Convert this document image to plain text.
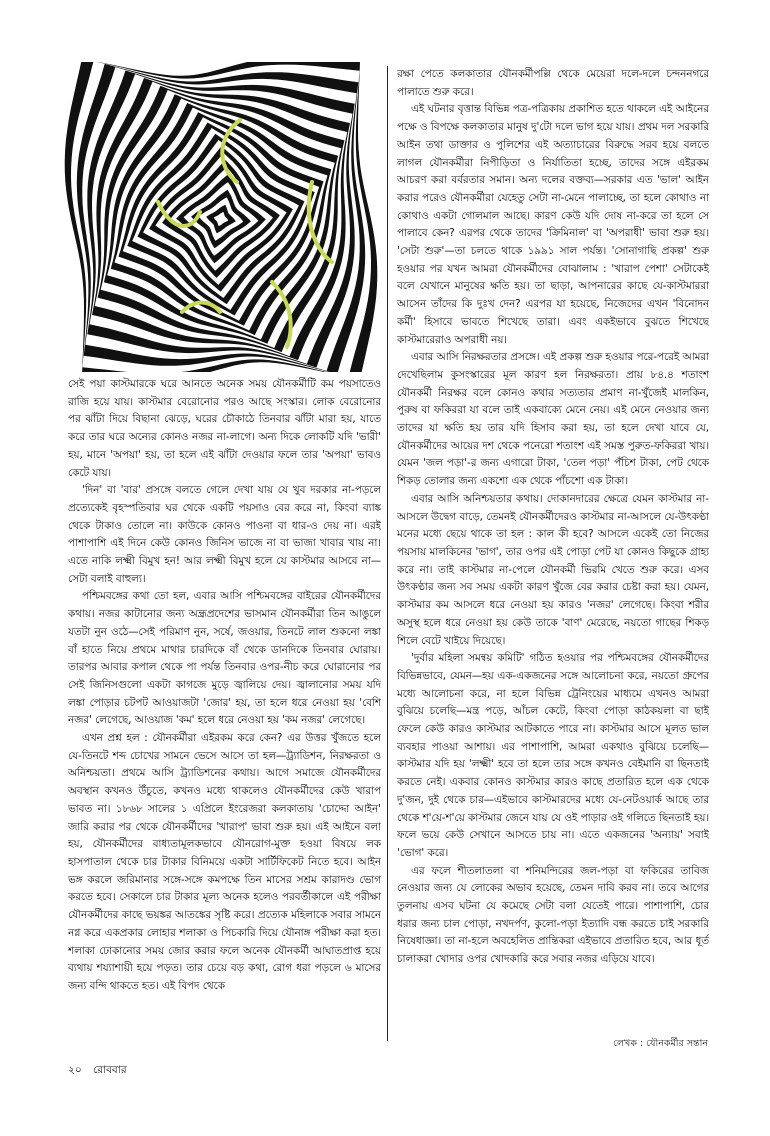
সেই পয়া কাস্টমারকে ঘরে আনতে অনেক সময় যৌনকর্মীটি কম পয়সাতেও রাজি হয়ে যায়। কাস্টমার বেরোনোর পরও আছে সংস্কার। লোক বেরোনোর পর ঝাঁটা দিয়ে বিছানা ঝেড়ে, ঘরের চৌকাঠে তিনবার ঝাঁটা মারা হয়, যাতে করে তার ঘরে অন্যের কোনও নজর না-লাগে। অন্য দিকে লোকটি যদি 'ভারী' হয়, মানে 'অপয়া' হয়, তা হলে এই ঝাঁটা দেওয়ার ফলে তার 'অপয়া' ভাবও কেটে যায়।

'দিন' বা 'বার' প্রসঙ্গে বলতে গেলে দেখা যায় যে খুব দরকার না-পড়লে প্রত্যেকেই বৃহস্পতিবার ঘর থেকে একটি পয়সাও বের করে না, কিংবা ব্যাঙ্ক থেকে টাকাও তোলে না। কাউকে কোনও পাওনা বা ধার-ও দেয় না। এরই পাশাপাশি এই দিনে কেউ কোনও জিনিস ভাজে না বা ভাজা খাবার খায় না। এতে নাকি লক্ষ্মী বিমুখ হন! আর লক্ষ্মী বিমুখ হলে যে কাস্টমার আসবে না—সেটা বলাই বাহুল্য।

পশ্চিমবঙ্গের কথা তো হল, এবার আসি পশ্চিমবঙ্গের বাইরের যৌনকর্মীদের কথায়। নজর কাটানোর জন্য অন্ধ্রপ্রদেশের ভাসমান যৌনকর্মীরা তিন আঙুলে যতটা নুন ওঠে—সেই পরিমাণ নুন, সর্ষে, জওয়ার, তিনটে লাল শুকনো লঙ্কা বাঁ হাতে নিয়ে প্রথমে মাথার চারদিকে বাঁ থেকে ডানদিকে তিনবার ঘোরায়। তারপর আবার কপাল থেকে পা পর্যন্ত তিনবার ওপর-নীচ করে ঘোরানোর পর সেই জিনিসগুলো একটা কাগজে মুড়ে জ্বালিয়ে দেয়। জ্বালানোর সময় যদি লঙ্কা পোড়ার চটপট আওয়াজটা 'জোর' হয়, তা হলে ধরে নেওয়া হয় 'বেশি নজর' লেগেছে, আওয়াজ 'কম' হলে ধরে নেওয়া হয় 'কম নজর' লেগেছে।

এখন প্রশ্ন হল : যৌনকর্মীরা এইরকম করে কেন? এর উত্তর খুঁজতে হলে যে-তিনটে শব্দ চোখের সামনে ভেসে আসে তা হল—ট্র্যাডিশন, নিরক্ষরতা ও অনিশ্চয়তা। প্রথমে আসি ট্র্যাডিশনের কথায়। আগে সমাজে যৌনকর্মীদের অবস্থান কখনও উঁচুতে, কখনও মধ্যে থাকলেও যৌনকর্মীদের কেউ খারাপ ভাবত না। ১৮৬৮ সালের ১ এপ্রিলে ইংরেজরা কলকাতায় 'চোদ্দো আইন' জারি করার পর থেকে যৌনকর্মীদের 'খারাপ' ভাবা শুরু হয়। এই আইনে বলা হয়, যৌনকর্মীদের বাধ্যতামূলকভাবে যৌনরোগ-মুক্ত হওয়া বিষয়ে লক হাসপাতাল থেকে চার টাকার বিনিময়ে একটা সার্টিফিকেট নিতে হবে। আইন ভঙ্গ করলে জরিমানার সঙ্গে-সঙ্গে কমপক্ষে তিন মাসের সশ্রম কারাদণ্ড ভোগ করতে হবে। সেকালে চার টাকার মূল্য অনেক হলেও পরবর্তীকালে এই পরীক্ষা যৌনকর্মীদের কাছে ভয়ঙ্কর আতঙ্কের সৃষ্টি করে। প্রত্যেক মহিলাকে সবার সামনে নগ্ন করে একপ্রকার লোহার শলাকা ও পিচকারি দিয়ে যৌনাঙ্গ পরীক্ষা করা হত। শলাকা ঢোকানোর সময় জোর করার ফলে অনেক যৌনকর্মী আঘাতপ্রাপ্ত হয়ে ব্যথায় শয্যাশায়ী হয়ে পড়ত। তার চেয়ে বড় কথা, রোগ ধরা পড়লে ৬ মাসের জন্য বন্দি থাকতে হত। এই বিপদ থেকে

রক্ষা পেতে কলকাতার যৌনকর্মীপল্লি থেকে মেয়েরা দলে-দলে চন্দননগরে পালাতে শুরু করে।

এই ঘটনার বৃত্তান্ত বিভিন্ন পত্র-পত্রিকায় প্রকাশিত হতে থাকলে এই আইনের পক্ষে ও বিপক্ষে কলকাতার মানুষ দু'টো দলে ভাগ হয়ে যায়। প্রথম দল সরকারি আইন তথা ডাক্তার ও পুলিশের এই অত্যাচারের বিরুদ্ধে সরব হয়ে বলতে লাগল যৌনকর্মীরা নিপীড়িতা ও নির্যাতিতা হচ্ছে, তাদের সঙ্গে এইরকম আচরণ করা বর্বরতার সমান। অন্য দলের বক্তব্য—সরকার এত 'ভাল' আইন করার পরেও যৌনকর্মীরা যেহেতু সেটা না-মেনে পালাচ্ছে, তা হলে কোথাও না কোথাও একটা গোলমাল আছে। কারণ কেউ যদি দোষ না-করে তা হলে সে পালাবে কেন? এরপর থেকে তাদের 'ক্রিমিনাল' বা 'অপরাধী' ভাবা শুরু হয়। 'সেটা শুরু'—তা চলতে থাকে ১৯৯১ সাল পর্যন্ত। 'সোনাগাছি প্রকল্প' শুরু হওয়ার পর যখন আমরা যৌনকর্মীদের বোঝালাম : 'খারাপ পেশা' সেটাকেই বলে যেখানে মানুষের ক্ষতি হয়। তা ছাড়া, আপনারের কাছে যে-কাস্টমাররা আসেন তাঁদের কি দুঃখ দেন? এরপর যা হয়েছে, নিজেদের এখন 'বিনোদন কর্মী' হিসাবে ভাবতে শিখেছে তারা। এবং একইভাবে বুঝতে শিখেছে কাস্টমারেরাও অপরাধী নয়।

এবার আসি নিরক্ষরতার প্রসঙ্গে। এই প্রকল্প শুরু হওয়ার পরে-পরেই আমরা দেখেছিলাম কুসংস্কারের মূল কারণ হল নিরক্ষরতা। প্রায় ৮৪.৪ শতাংশ যৌনকর্মী নিরক্ষর বলে কোনও কথার সত্যতার প্রমাণ না-খুঁজেই মালকিন, পুরুষ বা ফকিররা যা বলে তাই একবাক্যে মেনে নেয়। এই মেনে নেওয়ার জন্য তাদের যা ক্ষতি হয় তার যদি হিসাব করা হয়, তা হলে দেখা যাবে যে, যৌনকর্মীদের আয়ের দশ থেকে পনেরো শতাংশ এই সমস্ত পুরুত-ফকিররা খায়। যেমন 'জল পড়া'-র জন্য এগারো টাকা, 'তেল পড়া' পঁচিশ টাকা, পেট থেকে শিকড় তোলার জন্য একশো এক থেকে পাঁচশো এক টাকা।

এবার আসি অনিশ্চয়তার কথায়। দোকানদারের ক্ষেত্রে যেমন কাস্টমার না-আসলে উদ্বেগ বাড়ে, তেমনই যৌনকর্মীদেরও কাস্টমার না-আসলে যে-উৎকণ্ঠা মনের মধ্যে ছেয়ে থাকে তা হল : কাল কী হবে? আসলে একেই তো নিজের পয়সায় মালকিনের 'ভাগ', তার ওপর এই পোড়া পেট যা কোনও কিছুকে গ্রাহ্য করে না। তাই কাস্টমার না-পেলে যৌনকর্মী ভিরমি খেতে শুরু করে। এসব উৎকণ্ঠার জন্য সব সময় একটা কারণ খুঁজে বের করার চেষ্টা করা হয়। যেমন, কাস্টমার কম আসলে ধরে নেওয়া হয় কারও 'নজর' লেগেছে। কিংবা শরীর অসুস্থ হলে ধরে নেওয়া হয় কেউ তাকে 'বাণ' মেরেছে, নয়তো গাছের শিকড় শিলে বেটে খাইয়ে দিয়েছে।

'দুর্বার মহিলা সমন্বয় কমিটি' গঠিত হওয়ার পর পশ্চিমবঙ্গের যৌনকর্মীদের বিভিন্নভাবে, যেমন—হয় এক-একজনের সঙ্গে আলোচনা করে, নয়তো গ্রুপের মধ্যে আলোচনা করে, না হলে বিভিন্ন ট্রেনিংয়ের মাধ্যমে এখনও আমরা বুঝিয়ে চলেছি—মন্ত্র পড়ে, আঁচল কেটে, কিংবা পোড়া কাঠকয়লা বা ছাই ফেলে কেউ কারও কাস্টমার আটকাতে পারে না। কাস্টমার আসে মূলত ভাল ব্যবহার পাওয়া আশায়। এর পাশাপাশি, আমরা একথাও বুঝিয়ে চলেছি—কাস্টমার যদি হয় 'লক্ষ্মী' হবে তা হলে তার সঙ্গে কখনও বেইমানি বা ছিনতাই করতে নেই। একবার কোনও কাস্টমার কারও কাছে প্রতারিত হলে এক থেকে দু'জন, দুই থেকে চার—এইভাবে কাস্টমারদের মধ্যে যে-নেটওয়ার্ক আছে তার থেকে শ'য়ে-শ'য়ে কাস্টমার জেনে যায় যে ওই পাড়ার ওই গলিতে ছিনতাই হয়। ফলে ভয়ে কেউ সেখানে আসতে চায় না। এতে একজনের 'অন্যায়' সবাই 'ভোগ' করে।

এর ফলে শীতলাতলা বা শনিমন্দিরের জল-পড়া বা ফকিরের তাবিজ নেওয়ার জন্য যে লোকের অভাব হয়েছে, তেমন দাবি করব না। তবে আগের তুলনায় এসব ঘটনা যে কমেছে সেটা বলা যেতেই পারে। পাশাপাশি, চোর ধরার জন্য চাল পোড়া, নখদর্পণ, কুলো-পড়া ইত্যাদি বন্ধ করতে চাই সরকারি নিষেধাজ্ঞা। তা না-হলে অবহেলিত প্রান্তিকরা এইভাবে প্রতারিত হবে, আর ধূর্ত চালাকরা খোদার ওপর খোদকারি করে সবার নজর এড়িয়ে যাবে।

লেখক : যৌনকর্মীর সন্তান
২০ রোববার
